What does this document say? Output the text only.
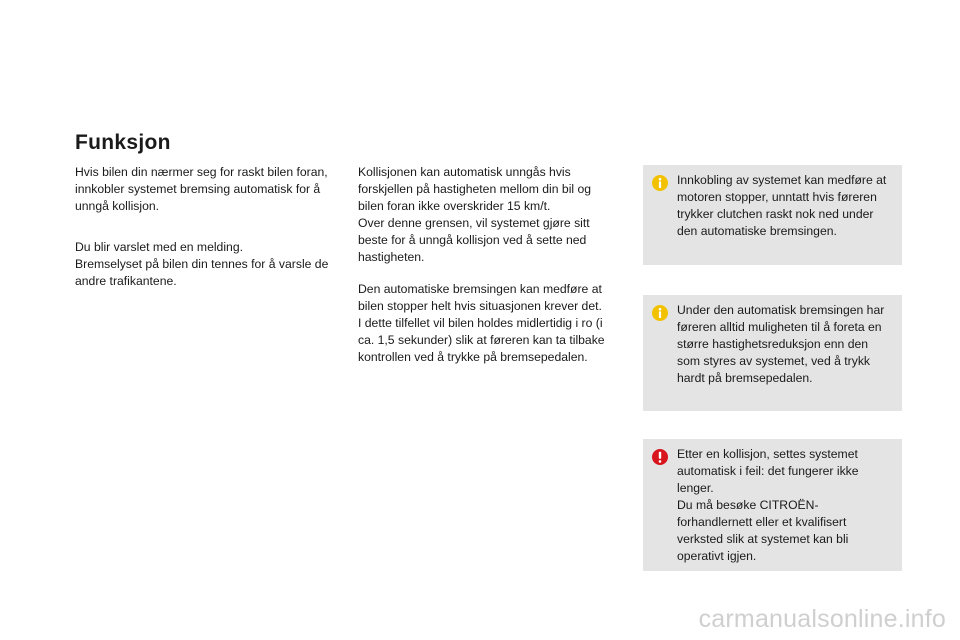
Funksjon

Hvis bilen din nærmer seg for raskt bilen foran, innkobler systemet bremsing automatisk for å unngå kollisjon.

Du blir varslet med en melding.

Bremselyset på bilen din tennes for å varsle de andre trafikantene.

Kollisjonen kan automatisk unngås hvis forskjellen på hastigheten mellom din bil og bilen foran ikke overskrider 15 km/t.

Over denne grensen, vil systemet gjøre sitt beste for å unngå kollisjon ved å sette ned hastigheten.

Den automatiske bremsingen kan medføre at bilen stopper helt hvis situasjonen krever det.

I dette tilfellet vil bilen holdes midlertidig i ro (i ca. 1,5 sekunder) slik at føreren kan ta tilbake kontrollen ved å trykke på bremsepedalen.

Innkobling av systemet kan medføre at motoren stopper, unntatt hvis føreren trykker clutchen raskt nok ned under den automatiske bremsingen.

Under den automatisk bremsingen har føreren alltid muligheten til å foreta en større hastighetsreduksjon enn den som styres av systemet, ved å trykk hardt på bremsepedalen.

Etter en kollisjon, settes systemet automatisk i feil: det fungerer ikke lenger.

Du må besøke CITROËN-forhandlernett eller et kvalifisert verksted slik at systemet kan bli operativt igjen.

carmanualsonline.info
